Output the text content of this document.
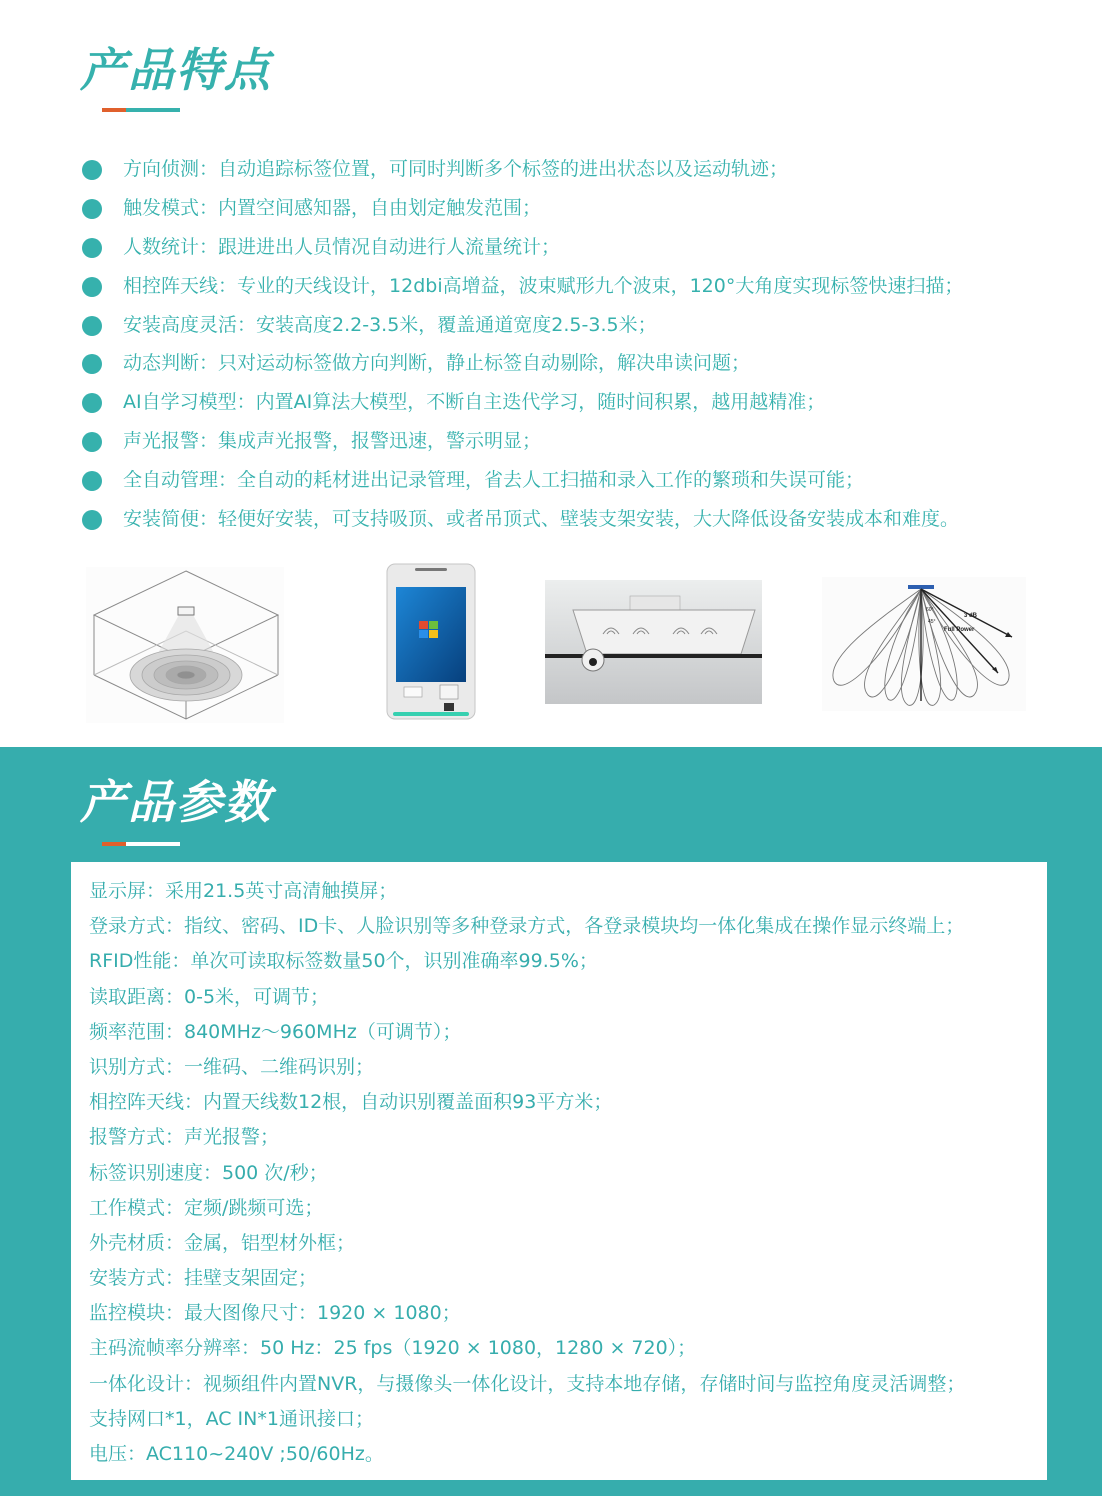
产品特点
方向侦测：自动追踪标签位置，可同时判断多个标签的进出状态以及运动轨迹；
触发模式：内置空间感知器，自由划定触发范围；
人数统计：跟进进出人员情况自动进行人流量统计；
相控阵天线：专业的天线设计，12dbi高增益，波束赋形九个波束，120°大角度实现标签快速扫描；
安装高度灵活：安装高度2.2-3.5米，覆盖通道宽度2.5-3.5米；
动态判断：只对运动标签做方向判断，静止标签自动剔除，解决串读问题；
AI自学习模型：内置AI算法大模型，不断自主迭代学习，随时间积累，越用越精准；
声光报警：集成声光报警，报警迅速，警示明显；
全自动管理：全自动的耗材进出记录管理，省去人工扫描和录入工作的繁琐和失误可能；
安装简便：轻便好安装，可支持吸顶、或者吊顶式、壁装支架安装，大大降低设备安装成本和难度。
3 dB
Full Power
60°
45°
产品参数
显示屏：采用21.5英寸高清触摸屏；
登录方式：指纹、密码、ID卡、人脸识别等多种登录方式，各登录模块均一体化集成在操作显示终端上；
RFID性能：单次可读取标签数量50个，识别准确率99.5%；
读取距离：0-5米，可调节；
频率范围：840MHz～960MHz（可调节）；
识别方式：一维码、二维码识别；
相控阵天线：内置天线数12根，自动识别覆盖面积93平方米；
报警方式：声光报警；
标签识别速度：500 次/秒；
工作模式：定频/跳频可选；
外壳材质：金属，铝型材外框；
安装方式：挂壁支架固定；
监控模块：最大图像尺寸：1920 × 1080；
主码流帧率分辨率：50 Hz：25 fps（1920 × 1080，1280 × 720）；
一体化设计：视频组件内置NVR，与摄像头一体化设计，支持本地存储，存储时间与监控角度灵活调整；
支持网口*1，AC IN*1通讯接口；
电压：AC110~240V ;50/60Hz。
